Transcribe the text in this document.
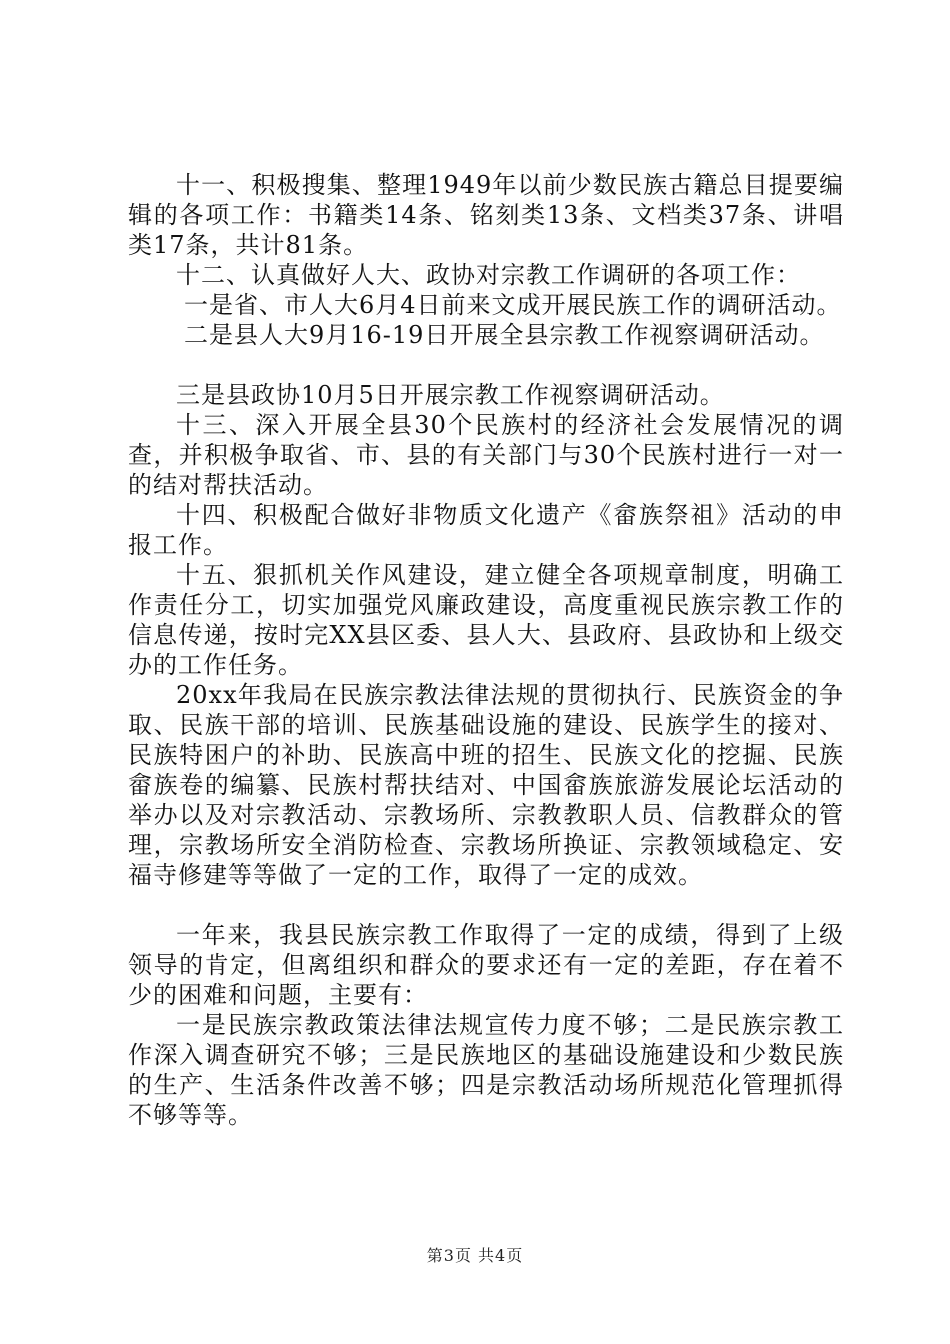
十一、积极搜集、整理1949年以前少数民族古籍总目提要编辑的各项工作：书籍类14条、铭刻类13条、文档类37条、讲唱类17条，共计81条。

十二、认真做好人大、政协对宗教工作调研的各项工作：

一是省、市人大6月4日前来文成开展民族工作的调研活动。

二是县人大9月16-19日开展全县宗教工作视察调研活动。

三是县政协10月5日开展宗教工作视察调研活动。

十三、深入开展全县30个民族村的经济社会发展情况的调查，并积极争取省、市、县的有关部门与30个民族村进行一对一的结对帮扶活动。

十四、积极配合做好非物质文化遗产《畲族祭祖》活动的申报工作。

十五、狠抓机关作风建设，建立健全各项规章制度，明确工作责任分工，切实加强党风廉政建设，高度重视民族宗教工作的信息传递，按时完XX县区委、县人大、县政府、县政协和上级交办的工作任务。

20xx年我局在民族宗教法律法规的贯彻执行、民族资金的争取、民族干部的培训、民族基础设施的建设、民族学生的接对、民族特困户的补助、民族高中班的招生、民族文化的挖掘、民族畲族卷的编纂、民族村帮扶结对、中国畲族旅游发展论坛活动的举办以及对宗教活动、宗教场所、宗教教职人员、信教群众的管理，宗教场所安全消防检查、宗教场所换证、宗教领域稳定、安福寺修建等等做了一定的工作，取得了一定的成效。

一年来，我县民族宗教工作取得了一定的成绩，得到了上级领导的肯定，但离组织和群众的要求还有一定的差距，存在着不少的困难和问题，主要有：

一是民族宗教政策法律法规宣传力度不够；二是民族宗教工作深入调查研究不够；三是民族地区的基础设施建设和少数民族的生产、生活条件改善不够；四是宗教活动场所规范化管理抓得不够等等。

第3页 共4页
